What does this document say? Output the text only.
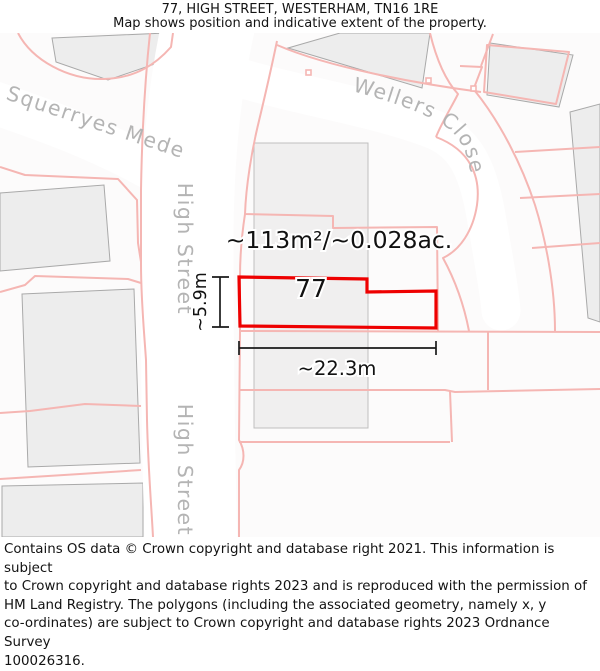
77, HIGH STREET, WESTERHAM, TN16 1RE
Map shows position and indicative extent of the property.
Squerryes Mede
High Street
High Street
Wellers Close
~113m²/~0.028ac.
77
~5.9m
~22.3m
Contains OS data © Crown copyright and database right 2021. This information is subject
to Crown copyright and database rights 2023 and is reproduced with the permission of
HM Land Registry. The polygons (including the associated geometry, namely x, y
co-ordinates) are subject to Crown copyright and database rights 2023 Ordnance Survey
100026316.
